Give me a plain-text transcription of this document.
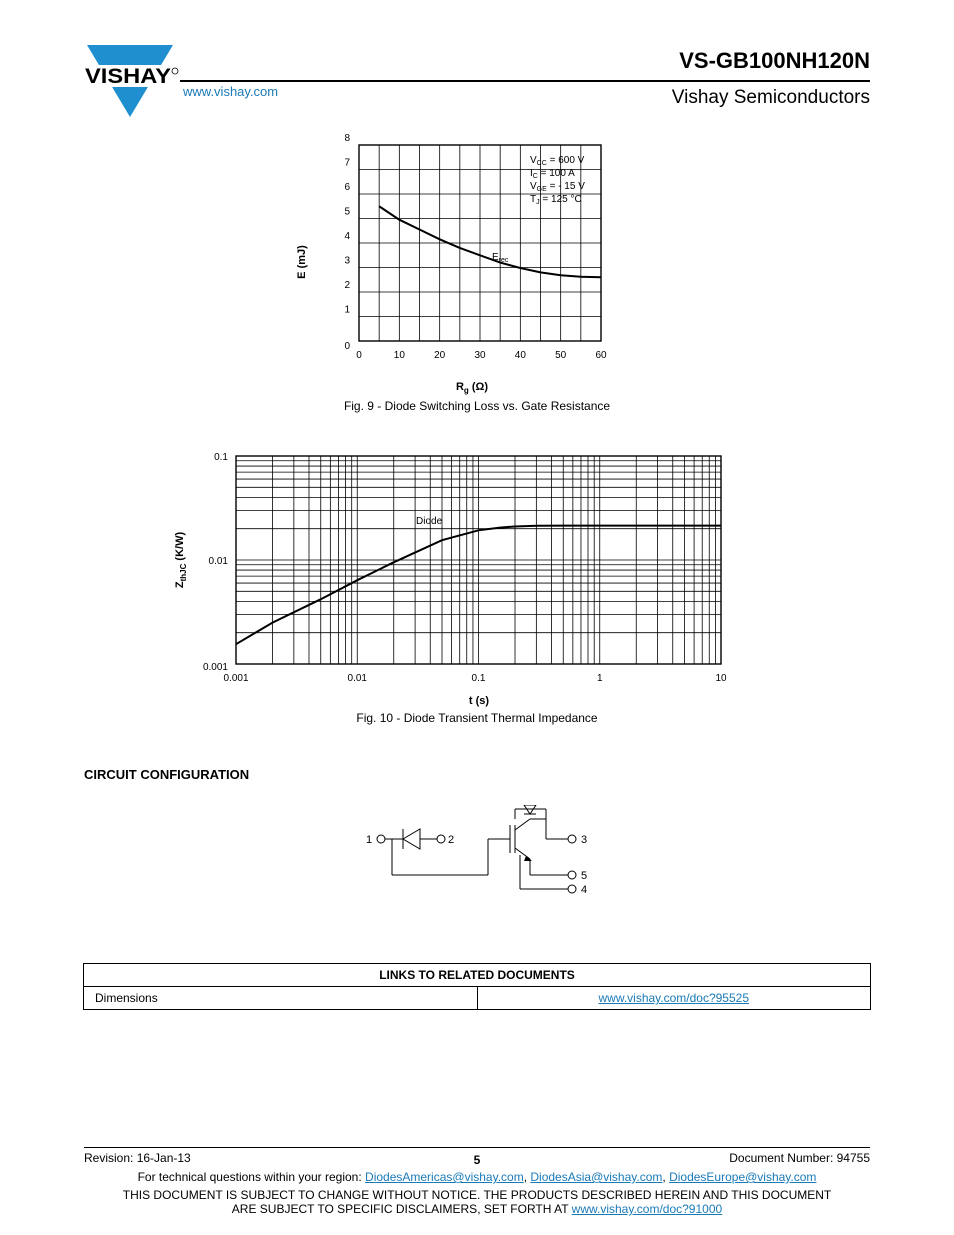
VISHAY
www.vishay.com
VS-GB100NH120N
Vishay Semiconductors
0	10	20	30	40	50	60
0
1
2
3
4
5
6
7
8
$V_{CC} = 600$ V
$I_C = 100$ A
$V_{GE}$ = - 15 V
$T_J = 125$ °C
$E_{rec}$
E (mJ)
$R_g$ (Ω)
Fig. 9 - Diode Switching Loss vs. Gate Resistance
0.001	0.01	0.1	1	10
0.001
0.01
0.1
Diode
$Z_{thJC}$ (K/W)
t (s)
Fig. 10 - Diode Transient Thermal Impedance
CIRCUIT CONFIGURATION
1	2	3
5
4
LINKS TO RELATED DOCUMENTS
Dimensions	www.vishay.com/doc?95525
Revision: 16-Jan-13	5	Document Number: 94755
For technical questions within your region: DiodesAmericas@vishay.com, DiodesAsia@vishay.com, DiodesEurope@vishay.com
THIS DOCUMENT IS SUBJECT TO CHANGE WITHOUT NOTICE. THE PRODUCTS DESCRIBED HEREIN AND THIS DOCUMENT
ARE SUBJECT TO SPECIFIC DISCLAIMERS, SET FORTH AT www.vishay.com/doc?91000
